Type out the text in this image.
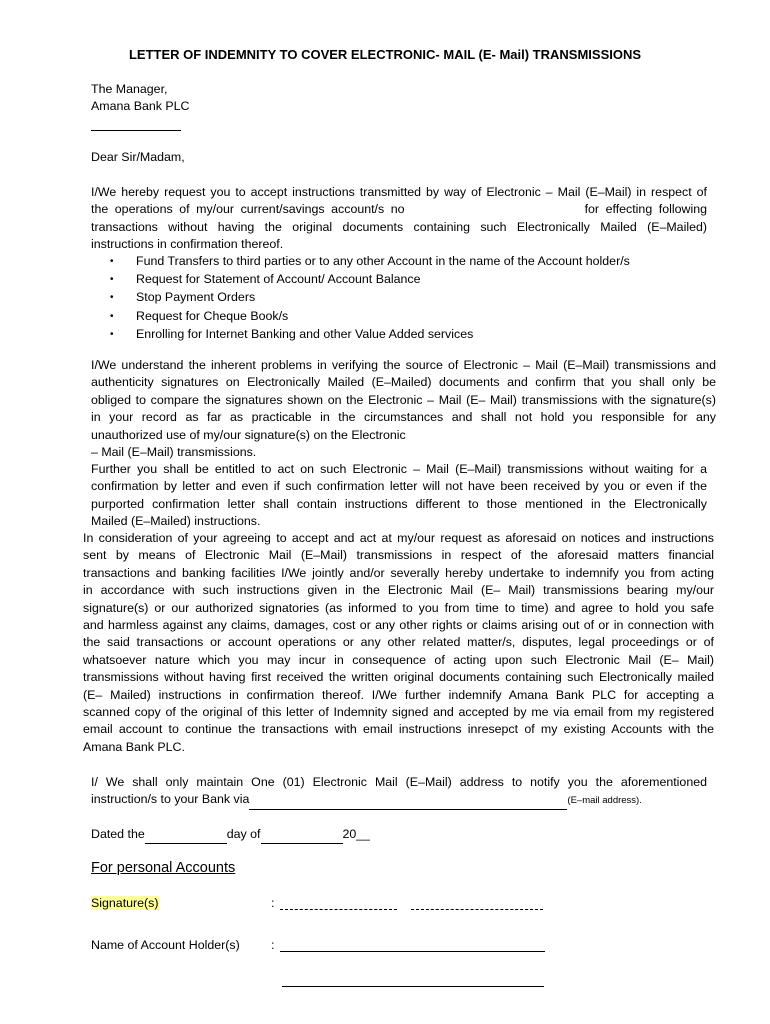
LETTER OF INDEMNITY TO COVER ELECTRONIC- MAIL (E- Mail) TRANSMISSIONS
The Manager,
Amana Bank PLC
Dear Sir/Madam,
I/We hereby request you to accept instructions transmitted by way of Electronic – Mail (E–Mail) in respect of
the operations of my/our current/savings account/s no	for effecting following
transactions without having the original documents containing such Electronically Mailed (E–Mailed)
instructions in confirmation thereof.
• Fund Transfers to third parties or to any other Account in the name of the Account holder/s
• Request for Statement of Account/ Account Balance
• Stop Payment Orders
• Request for Cheque Book/s
• Enrolling for Internet Banking and other Value Added services
I/We understand the inherent problems in verifying the source of Electronic – Mail (E–Mail) transmissions and
authenticity signatures on Electronically Mailed (E–Mailed) documents and confirm that you shall only be
obliged to compare the signatures shown on the Electronic – Mail (E– Mail) transmissions with the signature(s)
in your record as far as practicable in the circumstances and shall not hold you responsible for any
unauthorized use of my/our signature(s) on the Electronic
– Mail (E–Mail) transmissions.
Further you shall be entitled to act on such Electronic – Mail (E–Mail) transmissions without waiting for a
confirmation by letter and even if such confirmation letter will not have been received by you or even if the
purported confirmation letter shall contain instructions different to those mentioned in the Electronically
Mailed (E–Mailed) instructions.
In consideration of your agreeing to accept and act at my/our request as aforesaid on notices and instructions
sent by means of Electronic Mail (E–Mail) transmissions in respect of the aforesaid matters financial
transactions and banking facilities I/We jointly and/or severally hereby undertake to indemnify you from acting
in accordance with such instructions given in the Electronic Mail (E– Mail) transmissions bearing my/our
signature(s) or our authorized signatories (as informed to you from time to time) and agree to hold you safe
and harmless against any claims, damages, cost or any other rights or claims arising out of or in connection with
the said transactions or account operations or any other related matter/s, disputes, legal proceedings or of
whatsoever nature which you may incur in consequence of acting upon such Electronic Mail (E– Mail)
transmissions without having first received the written original documents containing such Electronically mailed
(E– Mailed) instructions in confirmation thereof. I/We further indemnify Amana Bank PLC for accepting a
scanned copy of the original of this letter of Indemnity signed and accepted by me via email from my registered
email account to continue the transactions with email instructions inresepct of my existing Accounts with the
Amana Bank PLC.
I/ We shall only maintain One (01) Electronic Mail (E–Mail) address to notify you the aforementioned
instruction/s to your Bank via	(E–mail address).
Dated the	day of	20__
For personal Accounts
Signature(s)	:
Name of Account Holder(s)	:
